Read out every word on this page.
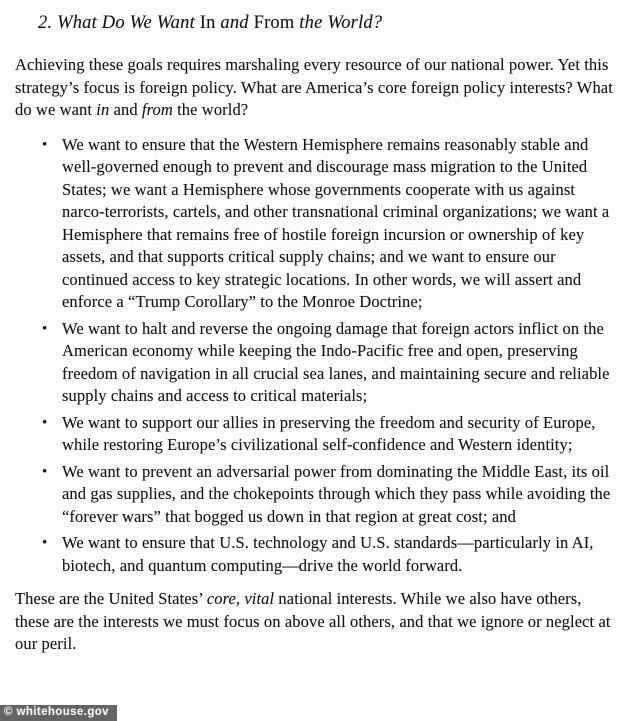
2. What Do We Want In and From the World?

Achieving these goals requires marshaling every resource of our national power. Yet this strategy’s focus is foreign policy. What are America’s core foreign policy interests? What do we want in and from the world?

• We want to ensure that the Western Hemisphere remains reasonably stable and well-governed enough to prevent and discourage mass migration to the United States; we want a Hemisphere whose governments cooperate with us against narco-terrorists, cartels, and other transnational criminal organizations; we want a Hemisphere that remains free of hostile foreign incursion or ownership of key assets, and that supports critical supply chains; and we want to ensure our continued access to key strategic locations. In other words, we will assert and enforce a “Trump Corollary” to the Monroe Doctrine;
• We want to halt and reverse the ongoing damage that foreign actors inflict on the American economy while keeping the Indo-Pacific free and open, preserving freedom of navigation in all crucial sea lanes, and maintaining secure and reliable supply chains and access to critical materials;
• We want to support our allies in preserving the freedom and security of Europe, while restoring Europe’s civilizational self-confidence and Western identity;
• We want to prevent an adversarial power from dominating the Middle East, its oil and gas supplies, and the chokepoints through which they pass while avoiding the “forever wars” that bogged us down in that region at great cost; and
• We want to ensure that U.S. technology and U.S. standards—particularly in AI, biotech, and quantum computing—drive the world forward.

These are the United States’ core, vital national interests. While we also have others, these are the interests we must focus on above all others, and that we ignore or neglect at our peril.

© whitehouse.gov
